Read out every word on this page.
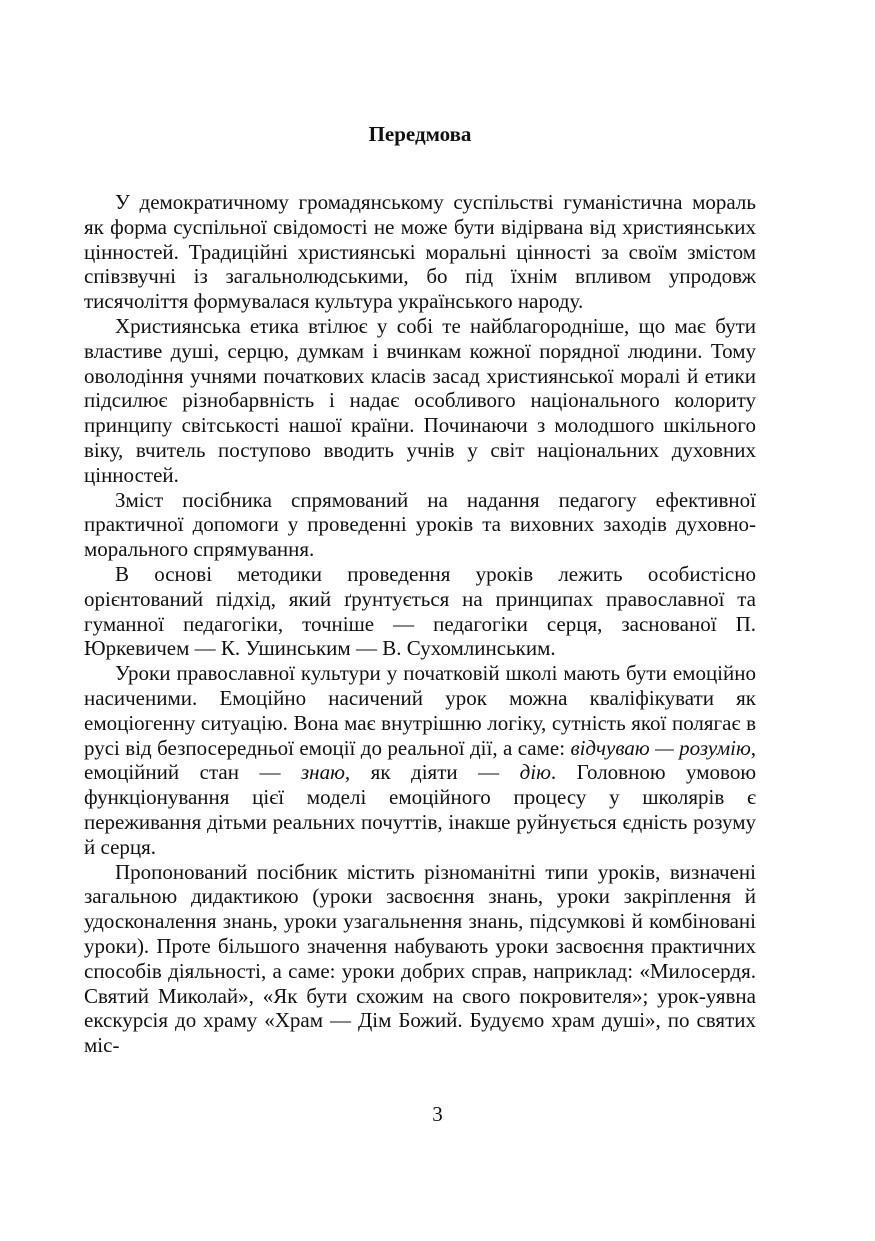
Передмова

У демократичному громадянському суспільстві гуманістична мораль як форма суспільної свідомості не може бути відірвана від християнських цінностей. Традиційні християнські моральні цінності за своїм змістом співзвучні із загальнолюдськими, бо під їхнім впливом упродовж тисячоліття формувалася культура українського народу.

Християнська етика втілює у собі те найблагородніше, що має бути властиве душі, серцю, думкам і вчинкам кожної порядної людини. Тому оволодіння учнями початкових класів засад християнської моралі й етики підсилює різнобарвність і надає особливого національного колориту принципу світськості нашої країни. Починаючи з молодшого шкільного віку, вчитель поступово вводить учнів у світ національних духовних цінностей.

Зміст посібника спрямований на надання педагогу ефективної практичної допомоги у проведенні уроків та виховних заходів духовно-морального спрямування.

В основі методики проведення уроків лежить особистісно орієнтований підхід, який ґрунтується на принципах православної та гуманної педагогіки, точніше — педагогіки серця, заснованої П. Юркевичем — К. Ушинським — В. Сухомлинським.

Уроки православної культури у початковій школі мають бути емоційно насиченими. Емоційно насичений урок можна кваліфікувати як емоціогенну ситуацію. Вона має внутрішню логіку, сутність якої полягає в русі від безпосередньої емоції до реальної дії, а саме: відчуваю — розумію, емоційний стан — знаю, як діяти — дію. Головною умовою функціонування цієї моделі емоційного процесу у школярів є переживання дітьми реальних почуттів, інакше руйнується єдність розуму й серця.

Пропонований посібник містить різноманітні типи уроків, визначені загальною дидактикою (уроки засвоєння знань, уроки закріплення й удосконалення знань, уроки узагальнення знань, підсумкові й комбіновані уроки). Проте більшого значення набувають уроки засвоєння практичних способів діяльності, а саме: уроки добрих справ, наприклад: «Милосердя. Святий Миколай», «Як бути схожим на свого покровителя»; урок-уявна екскурсія до храму «Храм — Дім Божий. Будуємо храм душі», по святих міс-

3
